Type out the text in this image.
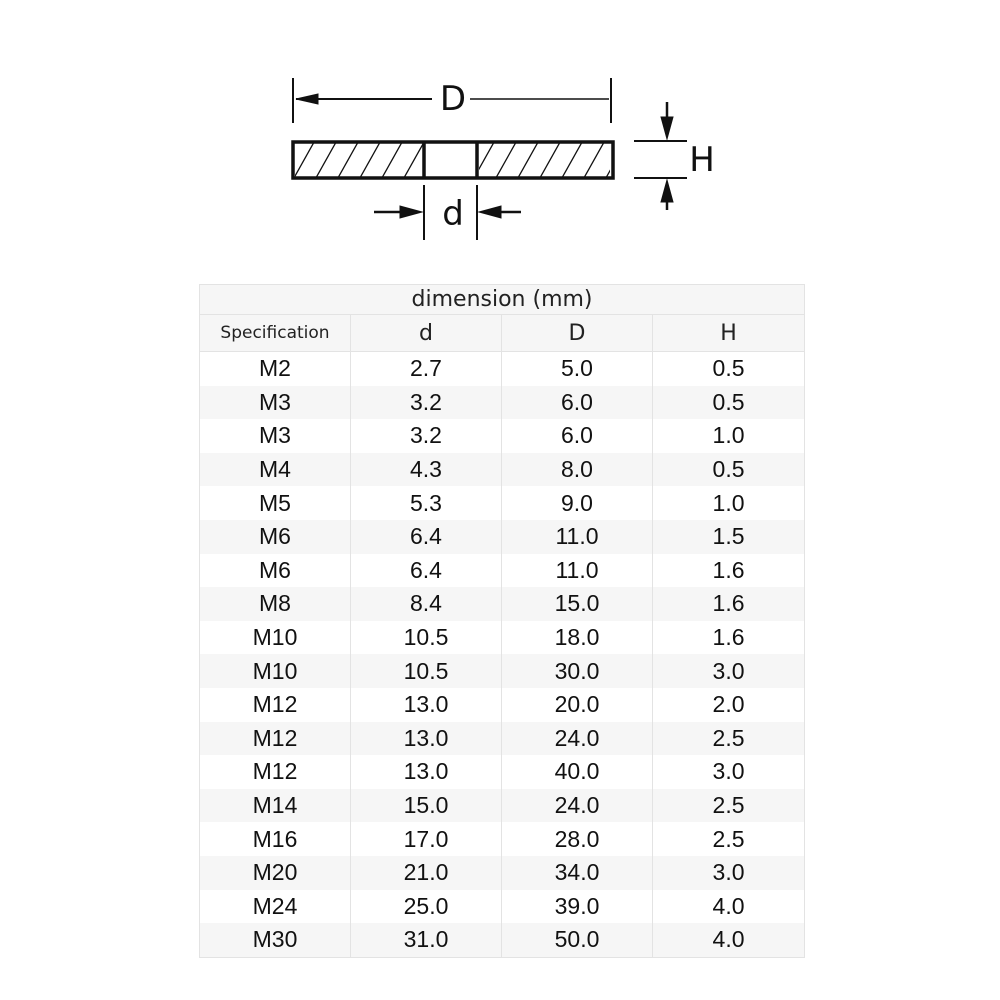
D
d
H
dimension (mm)			
Specification	d	D	H
M2	2.7	5.0	0.5
M3	3.2	6.0	0.5
M3	3.2	6.0	1.0
M4	4.3	8.0	0.5
M5	5.3	9.0	1.0
M6	6.4	11.0	1.5
M6	6.4	11.0	1.6
M8	8.4	15.0	1.6
M10	10.5	18.0	1.6
M10	10.5	30.0	3.0
M12	13.0	20.0	2.0
M12	13.0	24.0	2.5
M12	13.0	40.0	3.0
M14	15.0	24.0	2.5
M16	17.0	28.0	2.5
M20	21.0	34.0	3.0
M24	25.0	39.0	4.0
M30	31.0	50.0	4.0
